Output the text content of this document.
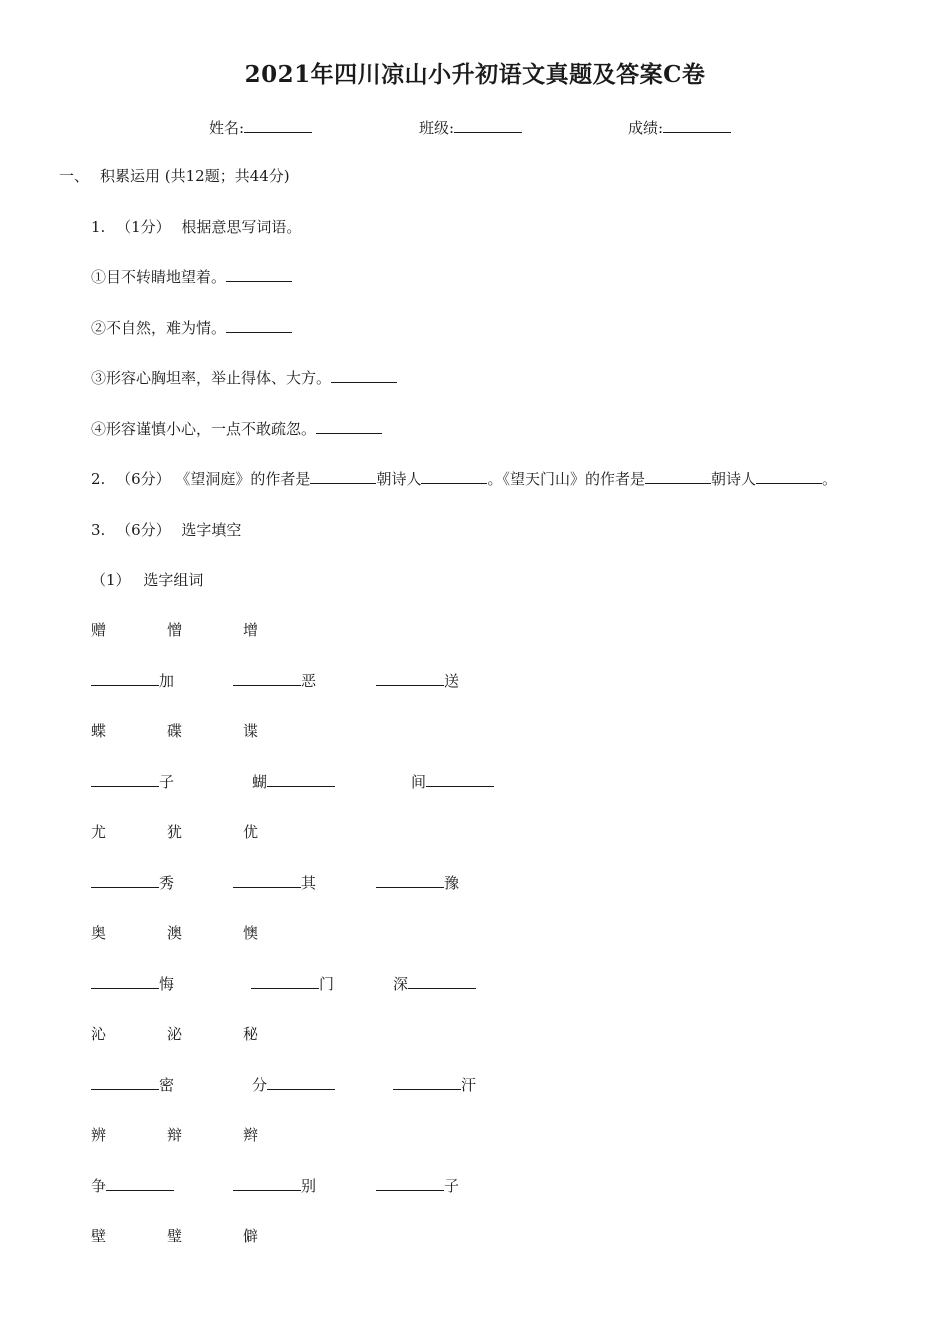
2021年四川凉山小升初语文真题及答案C卷
姓名:	班级:	成绩:
一、 积累运用 (共12题；共44分)
1. （1分） 根据意思写词语。
①目不转睛地望着。
②不自然，难为情。
③形容心胸坦率，举止得体、大方。
④形容谨慎小心，一点不敢疏忽。
2. （6分） 《望洞庭》的作者是	朝诗人	。《望天门山》的作者是	朝诗人	。
3. （6分） 选字填空
（1） 选字组词
赠	憎	增
加	恶	送
蝶	碟	谍
子	蝴	间
尤	犹	优
秀	其	豫
奥	澳	懊
悔	门	深
沁	泌	秘
密	分	汗
辨	辩	辫
争	别	子
壁	璧	僻
